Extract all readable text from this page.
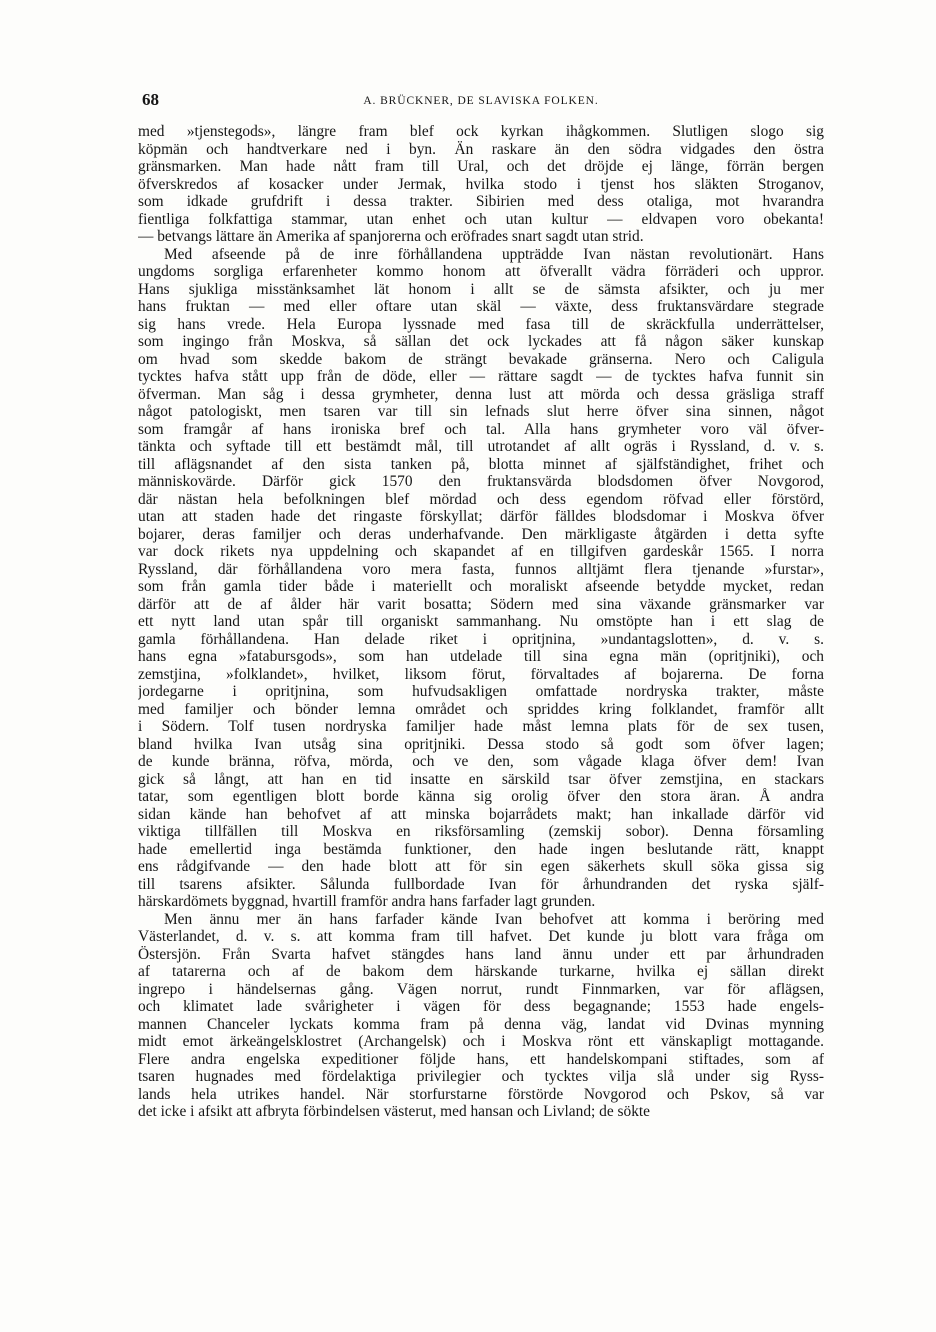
68	A. BRÜCKNER, DE SLAVISKA FOLKEN.
med »tjenstegods», längre fram blef ock kyrkan ihågkommen. Slutligen slogo sig
köpmän och handtverkare ned i byn. Än raskare än den södra vidgades den östra
gränsmarken. Man hade nått fram till Ural, och det dröjde ej länge, förrän bergen
öfverskredos af kosacker under Jermak, hvilka stodo i tjenst hos släkten Stroganov,
som idkade grufdrift i dessa trakter. Sibirien med dess otaliga, mot hvarandra
fientliga folkfattiga stammar, utan enhet och utan kultur — eldvapen voro obekanta!
— betvangs lättare än Amerika af spanjorerna och eröfrades snart sagdt utan strid.
Med afseende på de inre förhållandena uppträdde Ivan nästan revolutionärt. Hans
ungdoms sorgliga erfarenheter kommo honom att öfverallt vädra förräderi och uppror.
Hans sjukliga misstänksamhet lät honom i allt se de sämsta afsikter, och ju mer
hans fruktan — med eller oftare utan skäl — växte, dess fruktansvärdare stegrade
sig hans vrede. Hela Europa lyssnade med fasa till de skräckfulla underrättelser,
som ingingo från Moskva, så sällan det ock lyckades att få någon säker kunskap
om hvad som skedde bakom de strängt bevakade gränserna. Nero och Caligula
tycktes hafva stått upp från de döde, eller — rättare sagdt — de tycktes hafva funnit sin
öfverman. Man såg i dessa grymheter, denna lust att mörda och dessa gräsliga straff
något patologiskt, men tsaren var till sin lefnads slut herre öfver sina sinnen, något
som framgår af hans ironiska bref och tal. Alla hans grymheter voro väl öfver-
tänkta och syftade till ett bestämdt mål, till utrotandet af allt ogräs i Ryssland, d. v. s.
till aflägsnandet af den sista tanken på, blotta minnet af själfständighet, frihet och
människovärde. Därför gick 1570 den fruktansvärda blodsdomen öfver Novgorod,
där nästan hela befolkningen blef mördad och dess egendom röfvad eller förstörd,
utan att staden hade det ringaste förskyllat; därför fälldes blodsdomar i Moskva öfver
bojarer, deras familjer och deras underhafvande. Den märkligaste åtgärden i detta syfte
var dock rikets nya uppdelning och skapandet af en tillgifven gardeskår 1565. I norra
Ryssland, där förhållandena voro mera fasta, funnos alltjämt flera tjenande »furstar»,
som från gamla tider både i materiellt och moraliskt afseende betydde mycket, redan
därför att de af ålder här varit bosatta; Södern med sina växande gränsmarker var
ett nytt land utan spår till organiskt sammanhang. Nu omstöpte han i ett slag de
gamla förhållandena. Han delade riket i opritjnina, »undantagslotten», d. v. s.
hans egna »fatabursgods», som han utdelade till sina egna män (opritjniki), och
zemstjina, »folklandet», hvilket, liksom förut, förvaltades af bojarerna. De forna
jordegarne i opritjnina, som hufvudsakligen omfattade nordryska trakter, måste
med familjer och bönder lemna området och spriddes kring folklandet, framför allt
i Södern. Tolf tusen nordryska familjer hade måst lemna plats för de sex tusen,
bland hvilka Ivan utsåg sina opritjniki. Dessa stodo så godt som öfver lagen;
de kunde bränna, röfva, mörda, och ve den, som vågade klaga öfver dem! Ivan
gick så långt, att han en tid insatte en särskild tsar öfver zemstjina, en stackars
tatar, som egentligen blott borde känna sig orolig öfver den stora äran. Å andra
sidan kände han behofvet af att minska bojarrådets makt; han inkallade därför vid
viktiga tillfällen till Moskva en riksförsamling (zemskij sobor). Denna församling
hade emellertid inga bestämda funktioner, den hade ingen beslutande rätt, knappt
ens rådgifvande — den hade blott att för sin egen säkerhets skull söka gissa sig
till tsarens afsikter. Sålunda fullbordade Ivan för århundranden det ryska själf-
härskardömets byggnad, hvartill framför andra hans farfader lagt grunden.
Men ännu mer än hans farfader kände Ivan behofvet att komma i beröring med
Västerlandet, d. v. s. att komma fram till hafvet. Det kunde ju blott vara fråga om
Östersjön. Från Svarta hafvet stängdes hans land ännu under ett par århundraden
af tatarerna och af de bakom dem härskande turkarne, hvilka ej sällan direkt
ingrepo i händelsernas gång. Vägen norrut, rundt Finnmarken, var för aflägsen,
och klimatet lade svårigheter i vägen för dess begagnande; 1553 hade engels-
mannen Chanceler lyckats komma fram på denna väg, landat vid Dvinas mynning
midt emot ärkeängelsklostret (Archangelsk) och i Moskva rönt ett vänskapligt mottagande.
Flere andra engelska expeditioner följde hans, ett handelskompani stiftades, som af
tsaren hugnades med fördelaktiga privilegier och tycktes vilja slå under sig Ryss-
lands hela utrikes handel. När storfurstarne förstörde Novgorod och Pskov, så var
det icke i afsikt att afbryta förbindelsen västerut, med hansan och Livland; de sökte
